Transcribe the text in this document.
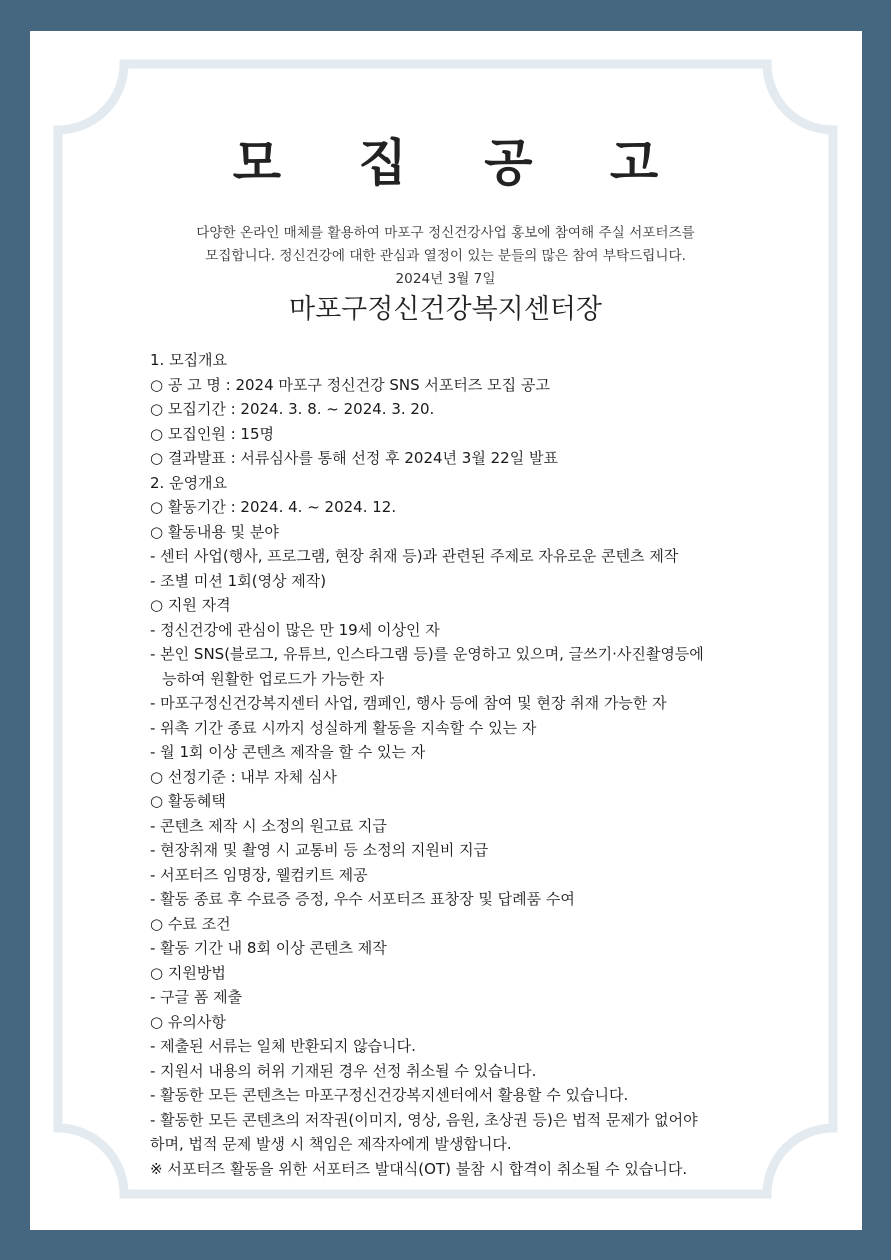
모 집 공 고
다양한 온라인 매체를 활용하여 마포구 정신건강사업 홍보에 참여해 주실 서포터즈를
모집합니다. 정신건강에 대한 관심과 열정이 있는 분들의 많은 참여 부탁드립니다.
2024년 3월 7일
마포구정신건강복지센터장
1. 모집개요
○ 공 고 명 : 2024 마포구 정신건강 SNS 서포터즈 모집 공고
○ 모집기간 : 2024. 3. 8. ~ 2024. 3. 20.
○ 모집인원 : 15명
○ 결과발표 : 서류심사를 통해 선정 후 2024년 3월 22일 발표
2. 운영개요
○ 활동기간 : 2024. 4. ~ 2024. 12.
○ 활동내용 및 분야
- 센터 사업(행사, 프로그램, 현장 취재 등)과 관련된 주제로 자유로운 콘텐츠 제작
- 조별 미션 1회(영상 제작)
○ 지원 자격
- 정신건강에 관심이 많은 만 19세 이상인 자
- 본인 SNS(블로그, 유튜브, 인스타그램 등)를 운영하고 있으며, 글쓰기·사진촬영등에
능하여 원활한 업로드가 가능한 자
- 마포구정신건강복지센터 사업, 캠페인, 행사 등에 참여 및 현장 취재 가능한 자
- 위촉 기간 종료 시까지 성실하게 활동을 지속할 수 있는 자
- 월 1회 이상 콘텐츠 제작을 할 수 있는 자
○ 선정기준 : 내부 자체 심사
○ 활동혜택
- 콘텐츠 제작 시 소정의 원고료 지급
- 현장취재 및 촬영 시 교통비 등 소정의 지원비 지급
- 서포터즈 임명장, 웰컴키트 제공
- 활동 종료 후 수료증 증정, 우수 서포터즈 표창장 및 답례품 수여
○ 수료 조건
- 활동 기간 내 8회 이상 콘텐츠 제작
○ 지원방법
- 구글 폼 제출
○ 유의사항
- 제출된 서류는 일체 반환되지 않습니다.
- 지원서 내용의 허위 기재된 경우 선정 취소될 수 있습니다.
- 활동한 모든 콘텐츠는 마포구정신건강복지센터에서 활용할 수 있습니다.
- 활동한 모든 콘텐츠의 저작권(이미지, 영상, 음원, 초상권 등)은 법적 문제가 없어야
하며, 법적 문제 발생 시 책임은 제작자에게 발생합니다.
※ 서포터즈 활동을 위한 서포터즈 발대식(OT) 불참 시 합격이 취소될 수 있습니다.
